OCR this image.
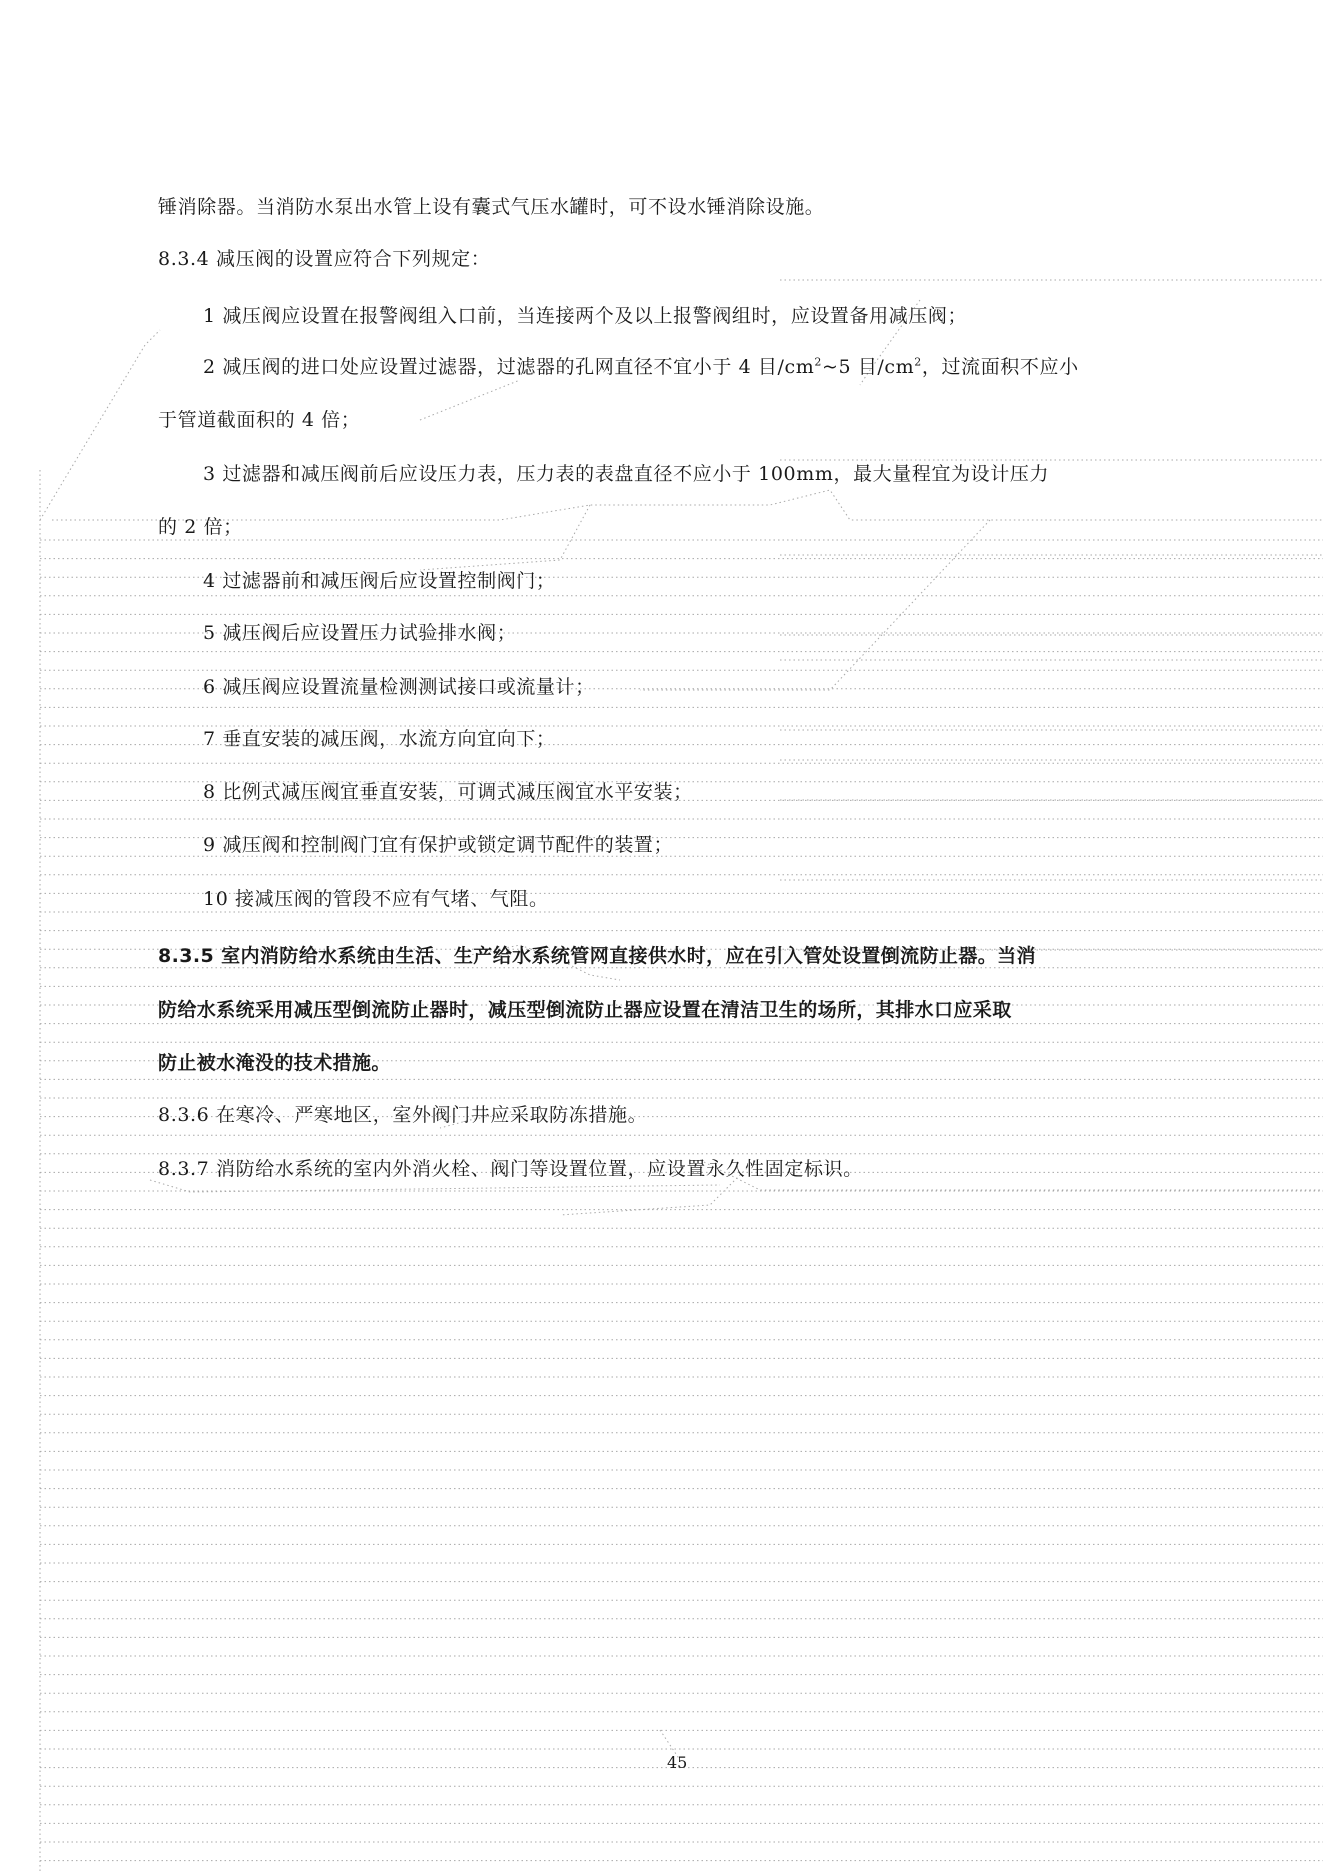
锤消除器。当消防水泵出水管上设有囊式气压水罐时，可不设水锤消除设施。
8.3.4 减压阀的设置应符合下列规定：
1 减压阀应设置在报警阀组入口前，当连接两个及以上报警阀组时，应设置备用减压阀；
2 减压阀的进口处应设置过滤器，过滤器的孔网直径不宜小于 4 目$/cm^2\sim 5$ 目$/cm^2$，过流面积不应小
于管道截面积的 4 倍；
3 过滤器和减压阀前后应设压力表，压力表的表盘直径不应小于 100mm，最大量程宜为设计压力
的 2 倍；
4 过滤器前和减压阀后应设置控制阀门；
5 减压阀后应设置压力试验排水阀；
6 减压阀应设置流量检测测试接口或流量计；
7 垂直安装的减压阀，水流方向宜向下；
8 比例式减压阀宜垂直安装，可调式减压阀宜水平安装；
9 减压阀和控制阀门宜有保护或锁定调节配件的装置；
10 接减压阀的管段不应有气堵、气阻。
8.3.5 室内消防给水系统由生活、生产给水系统管网直接供水时，应在引入管处设置倒流防止器。当消
防给水系统采用减压型倒流防止器时，减压型倒流防止器应设置在清洁卫生的场所，其排水口应采取
防止被水淹没的技术措施。
8.3.6 在寒冷、严寒地区，室外阀门井应采取防冻措施。
8.3.7 消防给水系统的室内外消火栓、阀门等设置位置，应设置永久性固定标识。
45
